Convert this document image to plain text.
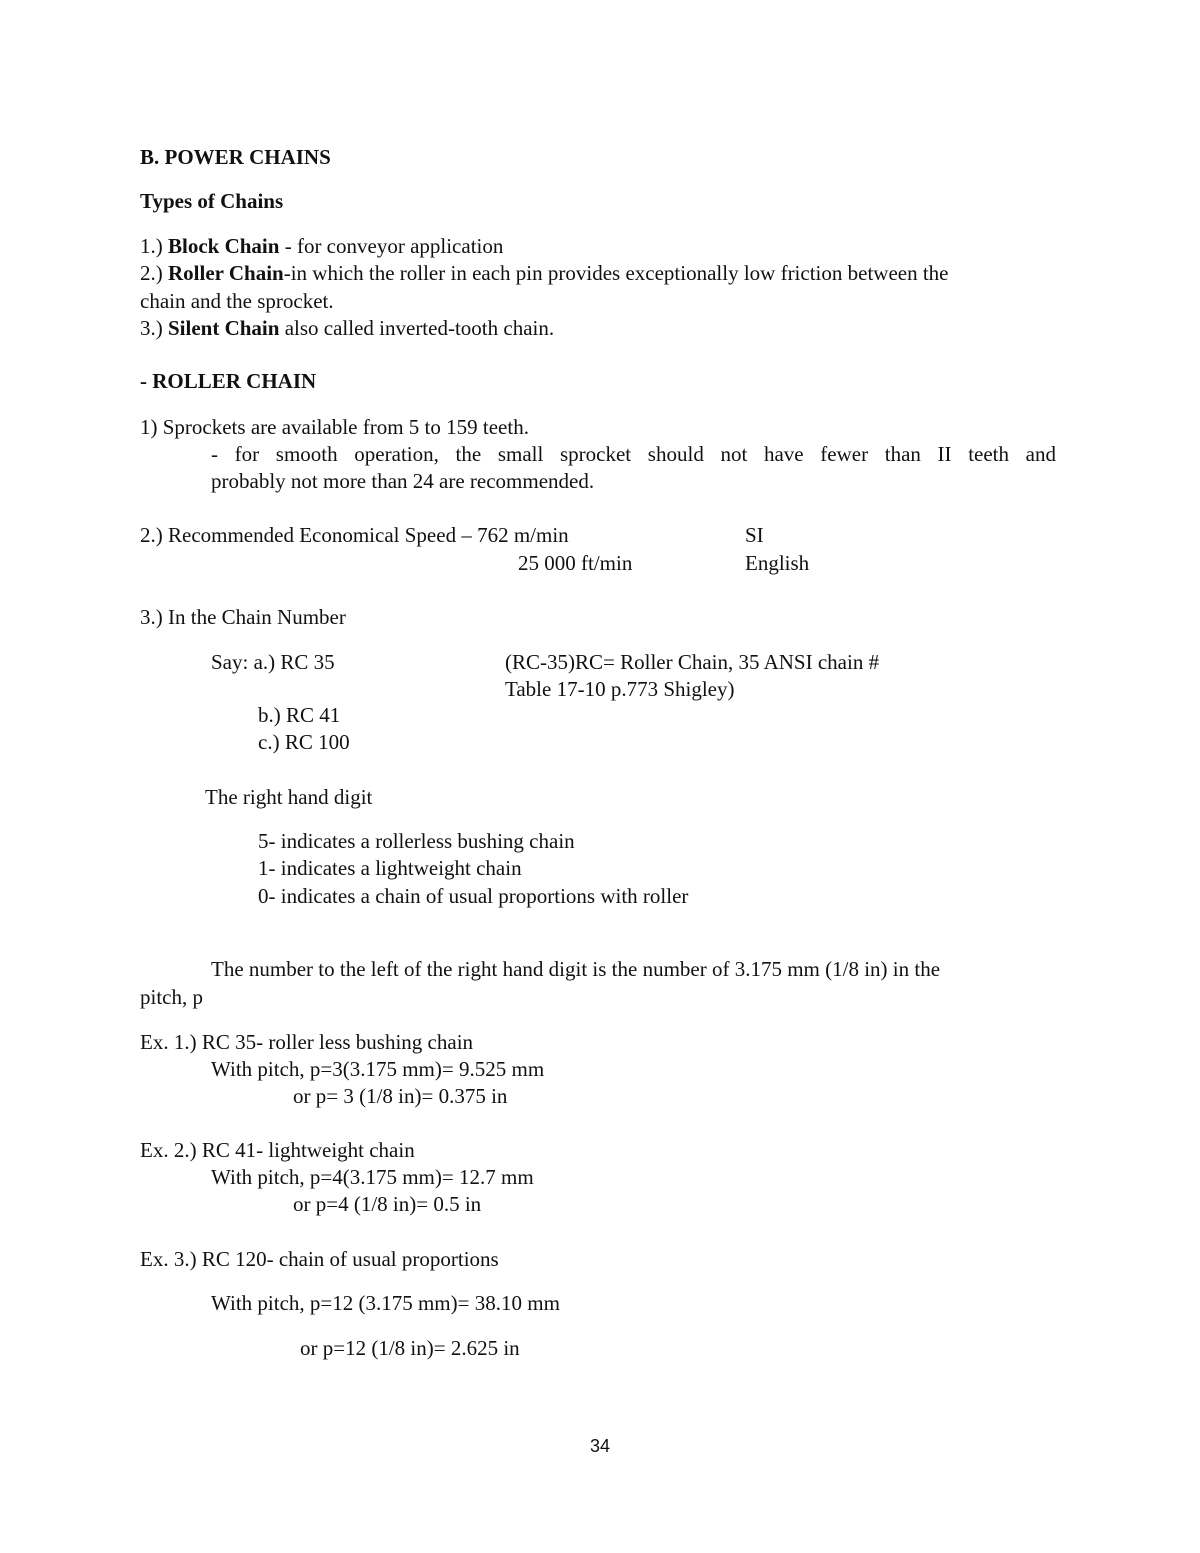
B. POWER CHAINS
Types of Chains
1.) Block Chain - for conveyor application
2.) Roller Chain-in which the roller in each pin provides exceptionally low friction between the
chain and the sprocket.
3.) Silent Chain also called inverted-tooth chain.
- ROLLER CHAIN
1) Sprockets are available from 5 to 159 teeth.
- for smooth operation, the small sprocket should not have fewer than II teeth and
probably not more than 24 are recommended.
2.) Recommended Economical Speed – 762 m/min	SI
25 000 ft/min	English
3.) In the Chain Number
Say: a.) RC 35	(RC-35)RC= Roller Chain, 35 ANSI chain #
Table 17-10 p.773 Shigley)
b.) RC 41
c.) RC 100
The right hand digit
5- indicates a rollerless bushing chain
1- indicates a lightweight chain
0- indicates a chain of usual proportions with roller
The number to the left of the right hand digit is the number of 3.175 mm (1/8 in) in the
pitch, p
Ex. 1.) RC 35- roller less bushing chain
With pitch, p=3(3.175 mm)= 9.525 mm
or p= 3 (1/8 in)= 0.375 in
Ex. 2.) RC 41- lightweight chain
With pitch, p=4(3.175 mm)= 12.7 mm
or p=4 (1/8 in)= 0.5 in
Ex. 3.) RC 120- chain of usual proportions
With pitch, p=12 (3.175 mm)= 38.10 mm
or p=12 (1/8 in)= 2.625 in
34
